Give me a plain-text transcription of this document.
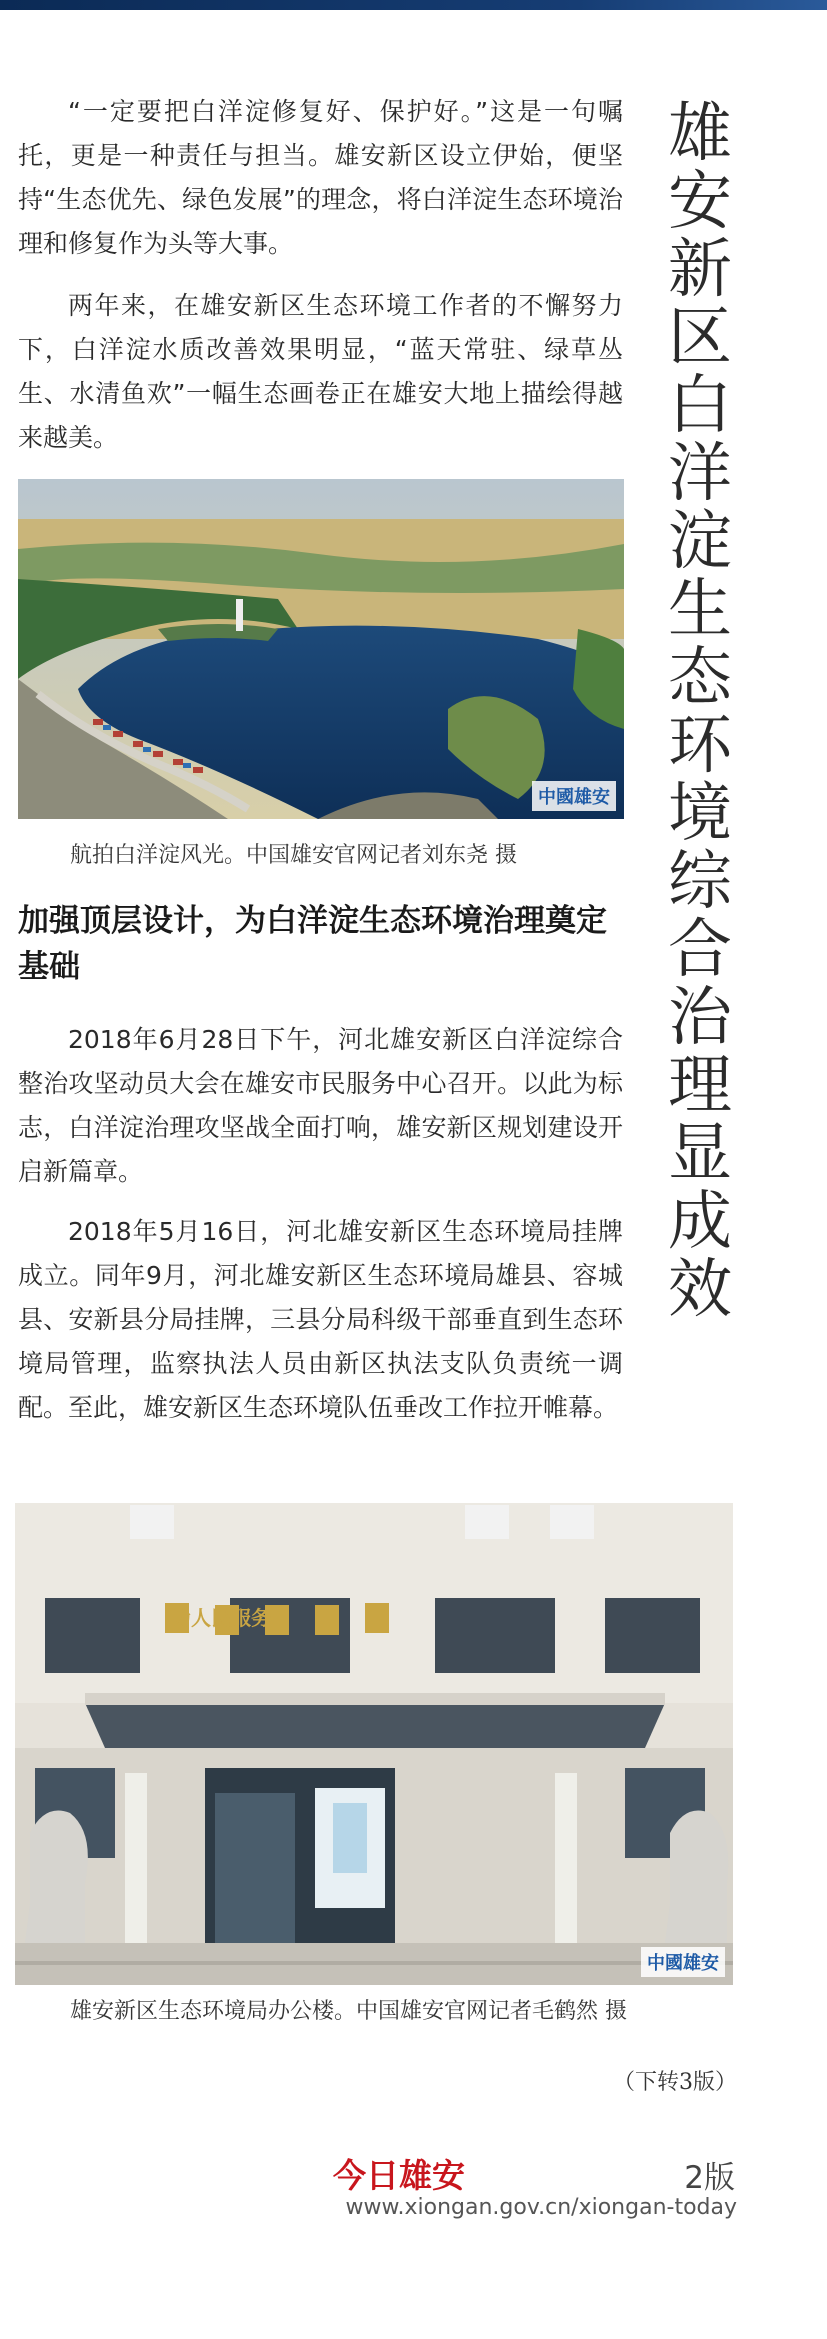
雄安新区白洋淀生态环境综合治理显成效

“一定要把白洋淀修复好、保护好。”这是一句嘱托，更是一种责任与担当。雄安新区设立伊始，便坚持“生态优先、绿色发展”的理念，将白洋淀生态环境治理和修复作为头等大事。

两年来，在雄安新区生态环境工作者的不懈努力下，白洋淀水质改善效果明显，“蓝天常驻、绿草丛生、水清鱼欢”一幅生态画卷正在雄安大地上描绘得越来越美。

中國雄安

航拍白洋淀风光。中国雄安官网记者刘东尧 摄

加强顶层设计，为白洋淀生态环境治理奠定基础

2018年6月28日下午，河北雄安新区白洋淀综合整治攻坚动员大会在雄安市民服务中心召开。以此为标志，白洋淀治理攻坚战全面打响，雄安新区规划建设开启新篇章。

2018年5月16日，河北雄安新区生态环境局挂牌成立。同年9月，河北雄安新区生态环境局雄县、容城县、安新县分局挂牌，三县分局科级干部垂直到生态环境局管理，监察执法人员由新区执法支队负责统一调配。至此，雄安新区生态环境队伍垂改工作拉开帷幕。

为人民服务
中國雄安

雄安新区生态环境局办公楼。中国雄安官网记者毛鹤然 摄

（下转3版）
今日雄安	2版
www.xiongan.gov.cn/xiongan-today
